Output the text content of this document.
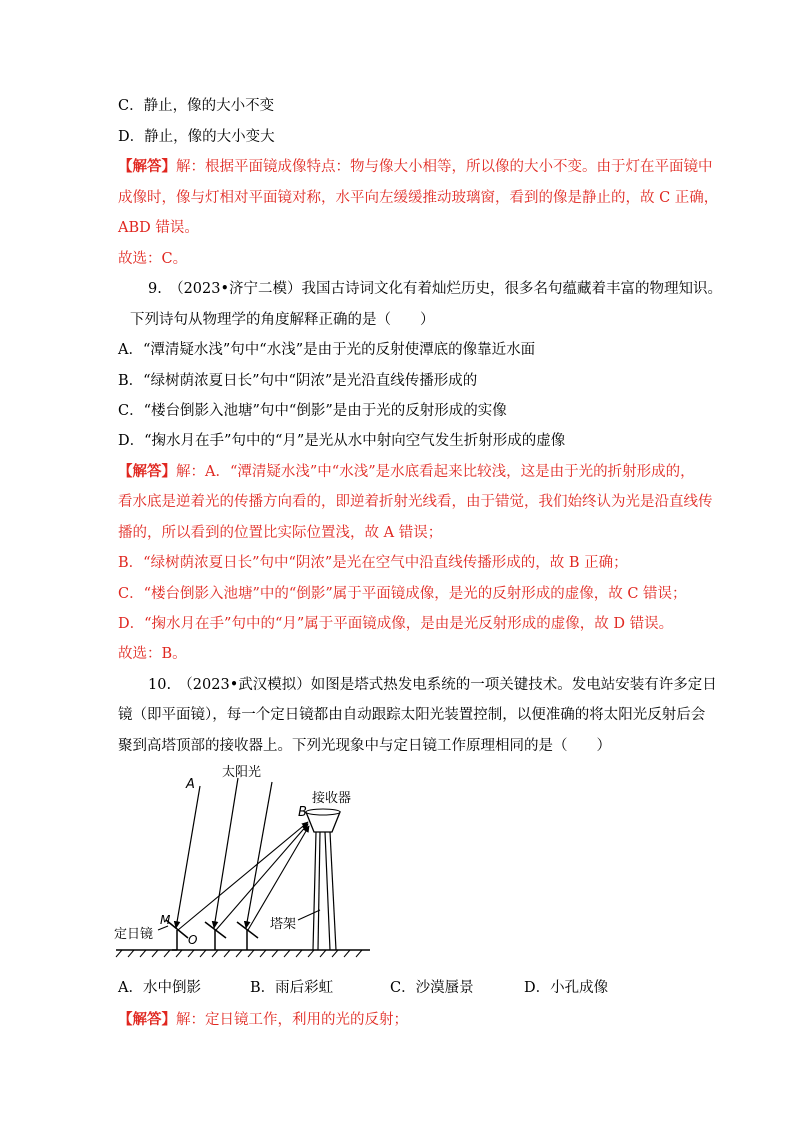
C．静止，像的大小不变
D．静止，像的大小变大
【解答】解：根据平面镜成像特点：物与像大小相等，所以像的大小不变。由于灯在平面镜中
成像时，像与灯相对平面镜对称，水平向左缓缓推动玻璃窗，看到的像是静止的，故 C 正确，
ABD 错误。
故选：C。
9.　（2023•济宁二模）我国古诗词文化有着灿烂历史，很多名句蕴藏着丰富的物理知识。
下列诗句从物理学的角度解释正确的是（　　）
A．“潭清疑水浅”句中“水浅”是由于光的反射使潭底的像靠近水面
B．“绿树荫浓夏日长”句中“阴浓”是光沿直线传播形成的
C．“楼台倒影入池塘”句中“倒影”是由于光的反射形成的实像
D．“掬水月在手”句中的“月”是光从水中射向空气发生折射形成的虚像
【解答】解：A．“潭清疑水浅”中“水浅”是水底看起来比较浅，这是由于光的折射形成的，
看水底是逆着光的传播方向看的，即逆着折射光线看，由于错觉，我们始终认为光是沿直线传
播的，所以看到的位置比实际位置浅，故 A 错误；
B．“绿树荫浓夏日长”句中“阴浓”是光在空气中沿直线传播形成的，故 B 正确；
C．“楼台倒影入池塘”中的“倒影”属于平面镜成像，是光的反射形成的虚像，故 C 错误；
D．“掬水月在手”句中的“月”属于平面镜成像，是由是光反射形成的虚像，故 D 错误。
故选：B。
10.　（2023•武汉模拟）如图是塔式热发电系统的一项关键技术。发电站安装有许多定日
镜（即平面镜），每一个定日镜都由自动跟踪太阳光装置控制，以便准确的将太阳光反射后会
聚到高塔顶部的接收器上。下列光现象中与定日镜工作原理相同的是（　　）
A
太阳光
接收器
B
塔架
M
定日镜	O
A．水中倒影	B．雨后彩虹	C．沙漠蜃景	D．小孔成像
【解答】解：定日镜工作，利用的光的反射；
